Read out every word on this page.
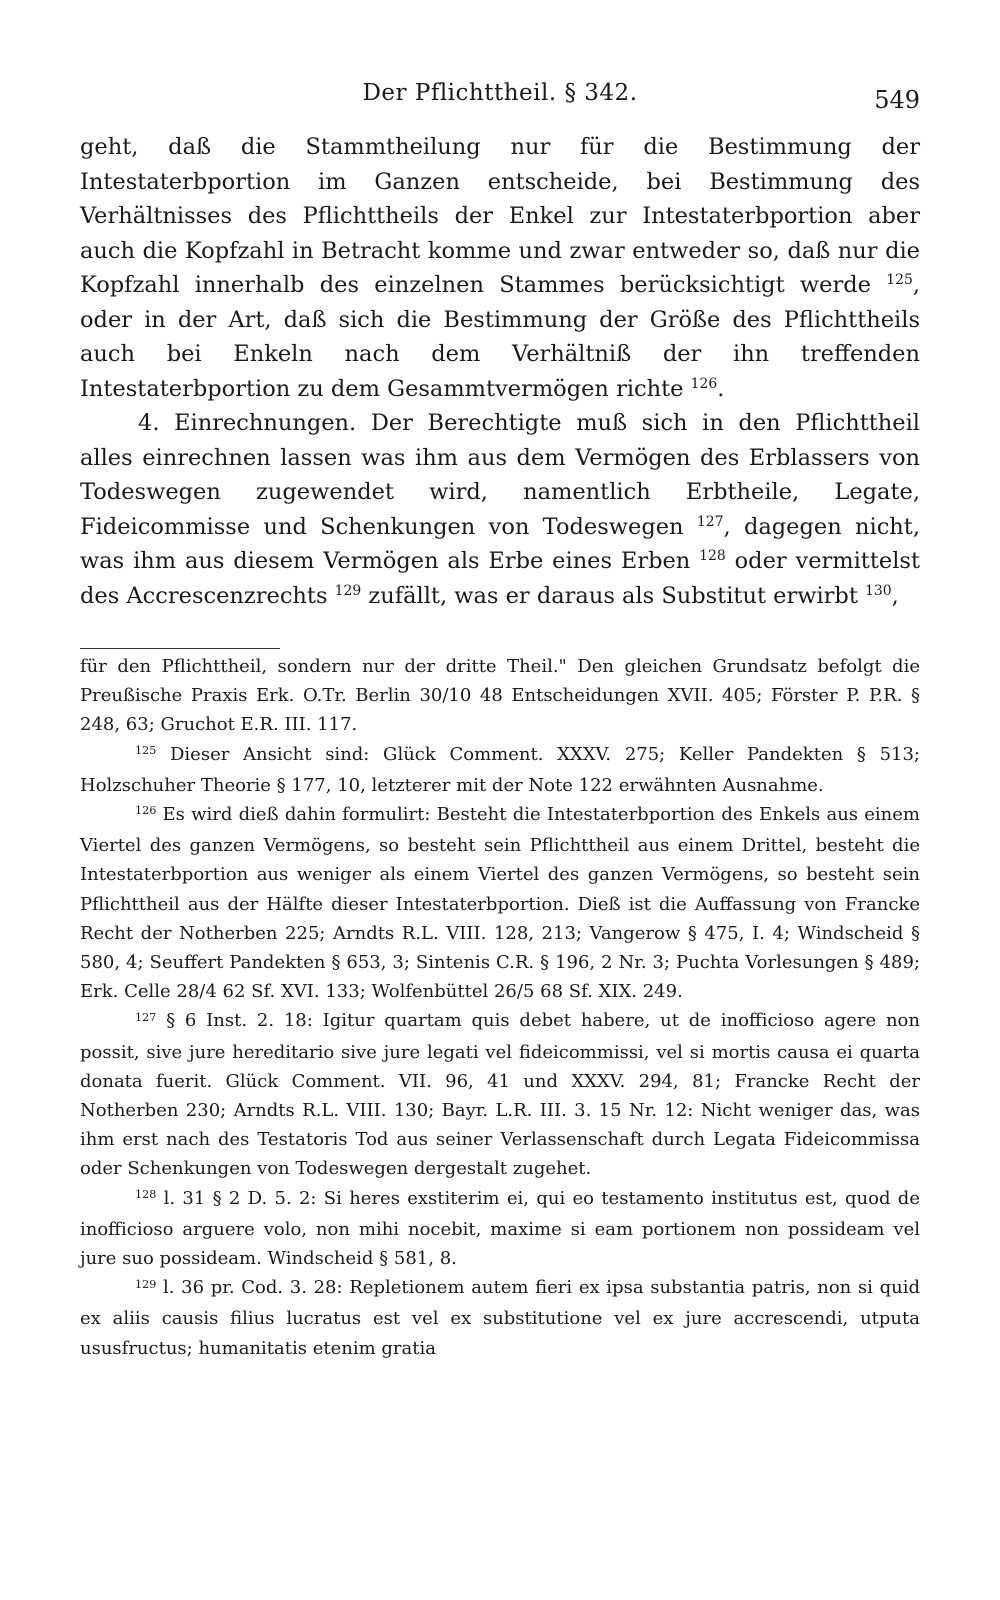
Der Pflichttheil. § 342.	549

geht, daß die Stammtheilung nur für die Bestimmung der Intestaterbportion im Ganzen entscheide, bei Bestimmung des Verhältnisses des Pflichttheils der Enkel zur Intestaterbportion aber auch die Kopfzahl in Betracht komme und zwar entweder so, daß nur die Kopfzahl innerhalb des einzelnen Stammes berücksichtigt werde $^{125}$, oder in der Art, daß sich die Bestimmung der Größe des Pflichttheils auch bei Enkeln nach dem Verhältniß der ihn treffenden Intestaterbportion zu dem Gesammtvermögen richte $^{126}$.

4. Einrechnungen. Der Berechtigte muß sich in den Pflichttheil alles einrechnen lassen was ihm aus dem Vermögen des Erblassers von Todeswegen zugewendet wird, namentlich Erbtheile, Legate, Fideicommisse und Schenkungen von Todeswegen $^{127}$, dagegen nicht, was ihm aus diesem Vermögen als Erbe eines Erben $^{128}$ oder vermittelst des Accrescenzrechts $^{129}$ zufällt, was er daraus als Substitut erwirbt $^{130}$,

für den Pflichttheil, sondern nur der dritte Theil." Den gleichen Grundsatz befolgt die Preußische Praxis Erk. O.Tr. Berlin 30/10 48 Entscheidungen XVII. 405; Förster P. P.R. § 248, 63; Gruchot E.R. III. 117.

$^{125}$ Dieser Ansicht sind: Glück Comment. XXXV. 275; Keller Pandekten § 513; Holzschuher Theorie § 177, 10, letzterer mit der Note 122 erwähnten Ausnahme.

$^{126}$ Es wird dieß dahin formulirt: Besteht die Intestaterbportion des Enkels aus einem Viertel des ganzen Vermögens, so besteht sein Pflichttheil aus einem Drittel, besteht die Intestaterbportion aus weniger als einem Viertel des ganzen Vermögens, so besteht sein Pflichttheil aus der Hälfte dieser Intestaterbportion. Dieß ist die Auffassung von Francke Recht der Notherben 225; Arndts R.L. VIII. 128, 213; Vangerow § 475, I. 4; Windscheid § 580, 4; Seuffert Pandekten § 653, 3; Sintenis C.R. § 196, 2 Nr. 3; Puchta Vorlesungen § 489; Erk. Celle 28/4 62 Sf. XVI. 133; Wolfenbüttel 26/5 68 Sf. XIX. 249.

$^{127}$ § 6 Inst. 2. 18: Igitur quartam quis debet habere, ut de inofficioso agere non possit, sive jure hereditario sive jure legati vel fideicommissi, vel si mortis causa ei quarta donata fuerit. Glück Comment. VII. 96, 41 und XXXV. 294, 81; Francke Recht der Notherben 230; Arndts R.L. VIII. 130; Bayr. L.R. III. 3. 15 Nr. 12: Nicht weniger das, was ihm erst nach des Testatoris Tod aus seiner Verlassenschaft durch Legata Fideicommissa oder Schenkungen von Todeswegen dergestalt zugehet.

$^{128}$ l. 31 § 2 D. 5. 2: Si heres exstiterim ei, qui eo testamento institutus est, quod de inofficioso arguere volo, non mihi nocebit, maxime si eam portionem non possideam vel jure suo possideam. Windscheid § 581, 8.

$^{129}$ l. 36 pr. Cod. 3. 28: Repletionem autem fieri ex ipsa substantia patris, non si quid ex aliis causis filius lucratus est vel ex substitutione vel ex jure accrescendi, utputa ususfructus; humanitatis etenim gratia
